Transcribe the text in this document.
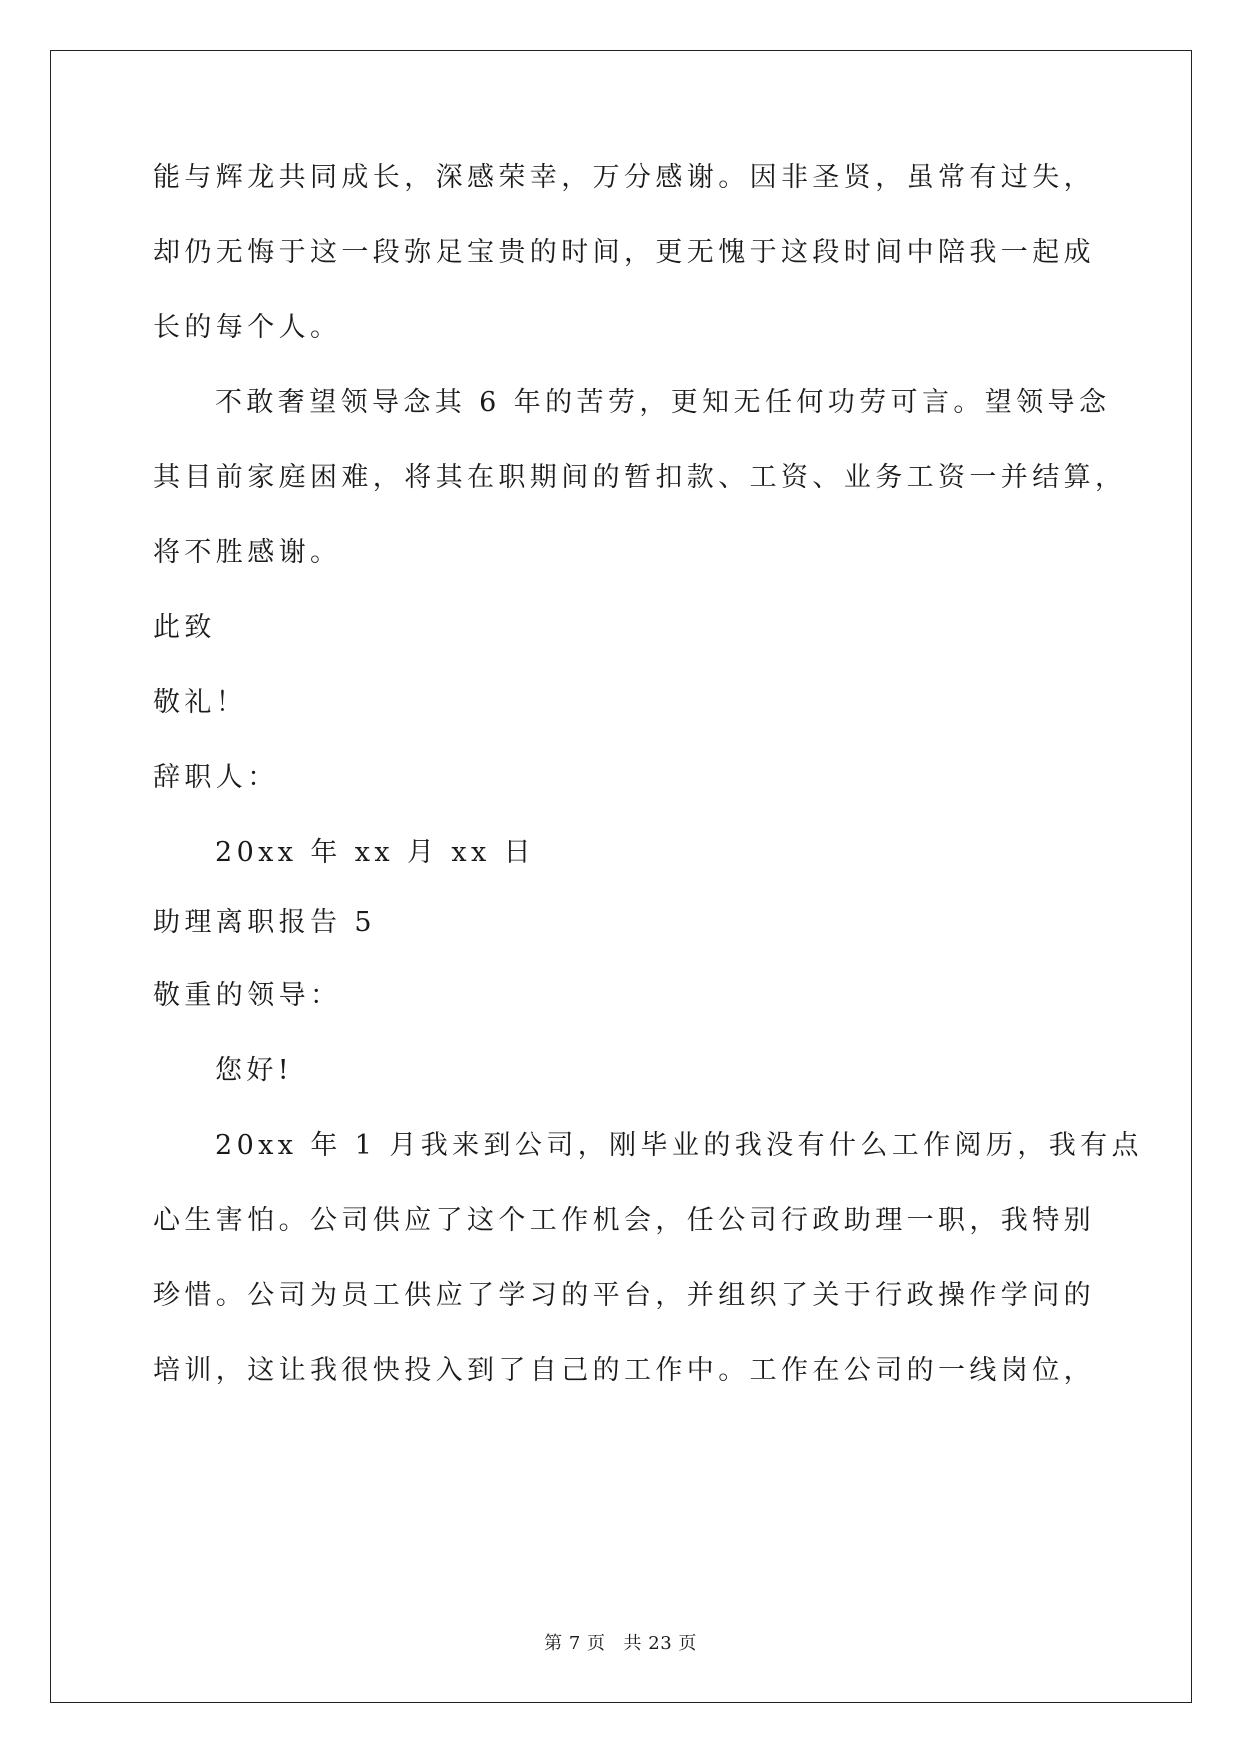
能与辉龙共同成长，深感荣幸，万分感谢。因非圣贤，虽常有过失，
却仍无悔于这一段弥足宝贵的时间，更无愧于这段时间中陪我一起成
长的每个人。
不敢奢望领导念其 6 年的苦劳，更知无任何功劳可言。望领导念
其目前家庭困难，将其在职期间的暂扣款、工资、业务工资一并结算，
将不胜感谢。
此致
敬礼！
辞职人：
20xx 年 xx 月 xx 日
助理离职报告 5
敬重的领导：
您好!
20xx 年 1 月我来到公司，刚毕业的我没有什么工作阅历，我有点
心生害怕。公司供应了这个工作机会，任公司行政助理一职，我特别
珍惜。公司为员工供应了学习的平台，并组织了关于行政操作学问的
培训，这让我很快投入到了自己的工作中。工作在公司的一线岗位，
第 7 页 共 23 页
